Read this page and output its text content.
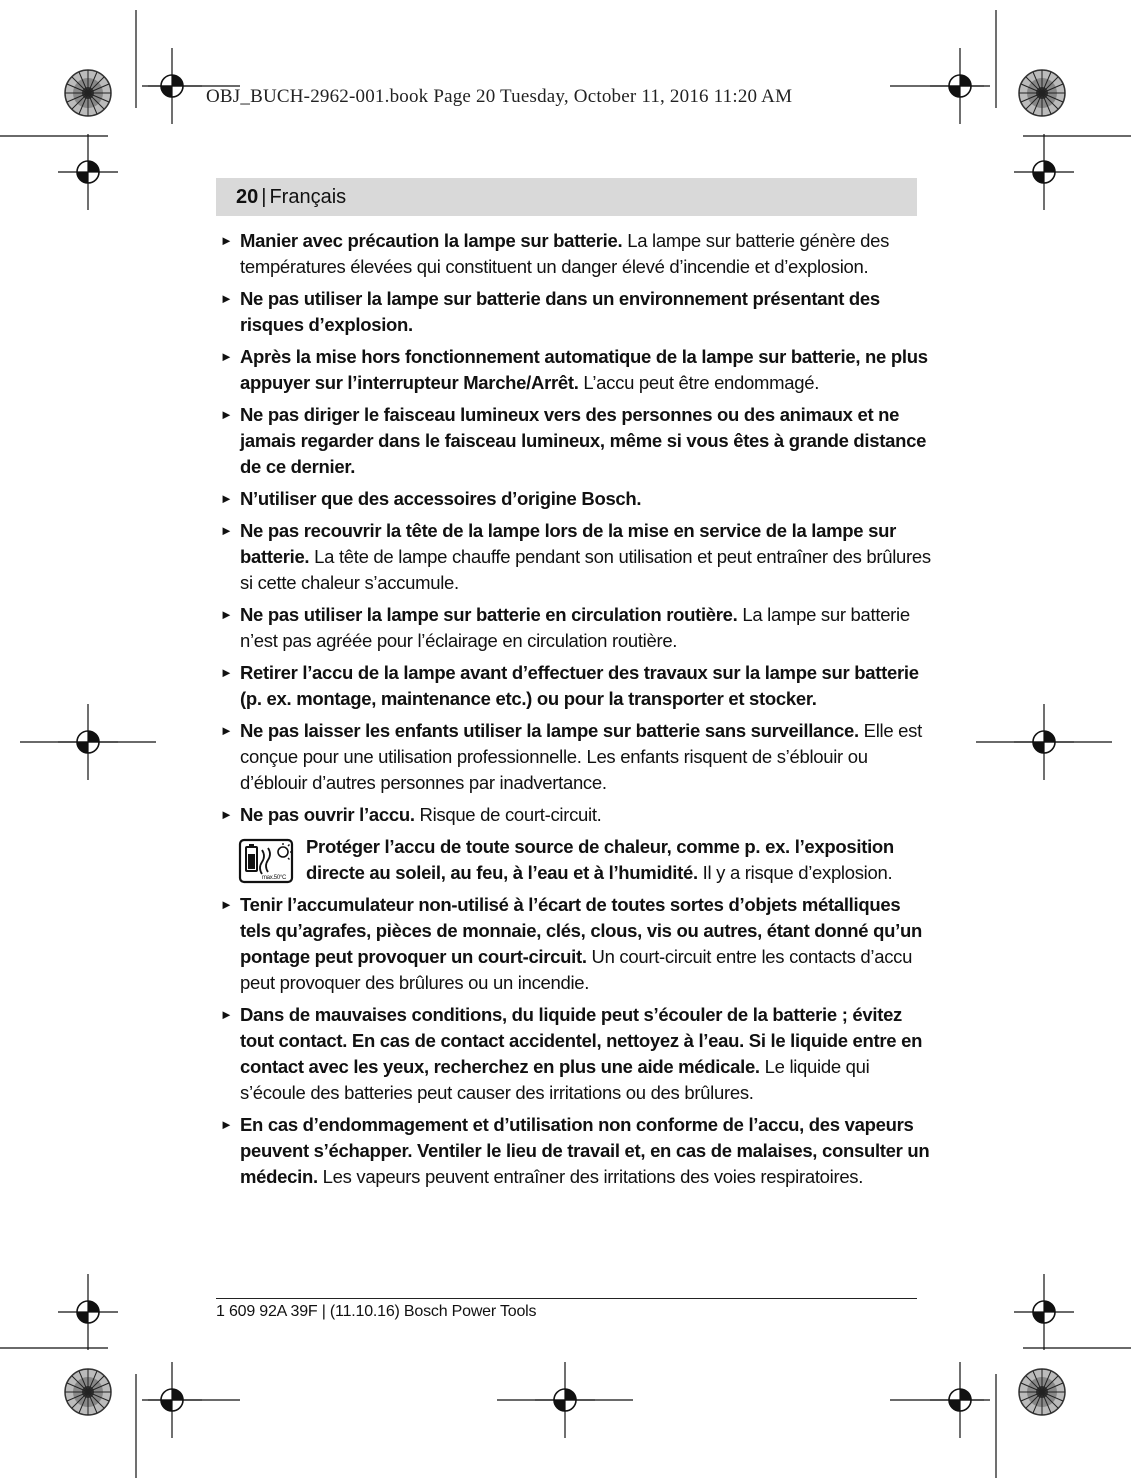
OBJ_BUCH-2962-001.book Page 20 Tuesday, October 11, 2016 11:20 AM
20 | Français
► Manier avec précaution la lampe sur batterie. La lampe sur batterie génère des températures élevées qui constituent un danger élevé d’incendie et d’explosion.
► Ne pas utiliser la lampe sur batterie dans un environnement présentant des risques d’explosion.
► Après la mise hors fonctionnement automatique de la lampe sur batterie, ne plus appuyer sur l’interrupteur Marche/Arrêt. L’accu peut être endommagé.
► Ne pas diriger le faisceau lumineux vers des personnes ou des animaux et ne jamais regarder dans le faisceau lumineux, même si vous êtes à grande distance de ce dernier.
► N’utiliser que des accessoires d’origine Bosch.
► Ne pas recouvrir la tête de la lampe lors de la mise en service de la lampe sur batterie. La tête de lampe chauffe pendant son utilisation et peut entraîner des brûlures si cette chaleur s’accumule.
► Ne pas utiliser la lampe sur batterie en circulation routière. La lampe sur batterie n’est pas agréée pour l’éclairage en circulation routière.
► Retirer l’accu de la lampe avant d’effectuer des travaux sur la lampe sur batterie (p. ex. montage, maintenance etc.) ou pour la transporter et stocker.
► Ne pas laisser les enfants utiliser la lampe sur batterie sans surveillance. Elle est conçue pour une utilisation professionnelle. Les enfants risquent de s’éblouir ou d’éblouir d’autres personnes par inadvertance.
► Ne pas ouvrir l’accu. Risque de court-circuit.
max.50°C
Protéger l’accu de toute source de chaleur, comme p. ex. l’exposition directe au soleil, au feu, à l’eau et à l’humidité. Il y a risque d’explosion.
► Tenir l’accumulateur non-utilisé à l’écart de toutes sortes d’objets métalliques tels qu’agrafes, pièces de monnaie, clés, clous, vis ou autres, étant donné qu’un pontage peut provoquer un court-circuit. Un court-circuit entre les contacts d’accu peut provoquer des brûlures ou un incendie.
► Dans de mauvaises conditions, du liquide peut s’écouler de la batterie ; évitez tout contact. En cas de contact accidentel, nettoyez à l’eau. Si le liquide entre en contact avec les yeux, recherchez en plus une aide médicale. Le liquide qui s’écoule des batteries peut causer des irritations ou des brûlures.
► En cas d’endommagement et d’utilisation non conforme de l’accu, des vapeurs peuvent s’échapper. Ventiler le lieu de travail et, en cas de malaises, consulter un médecin. Les vapeurs peuvent entraîner des irritations des voies respiratoires.
1 609 92A 39F | (11.10.16) Bosch Power Tools
